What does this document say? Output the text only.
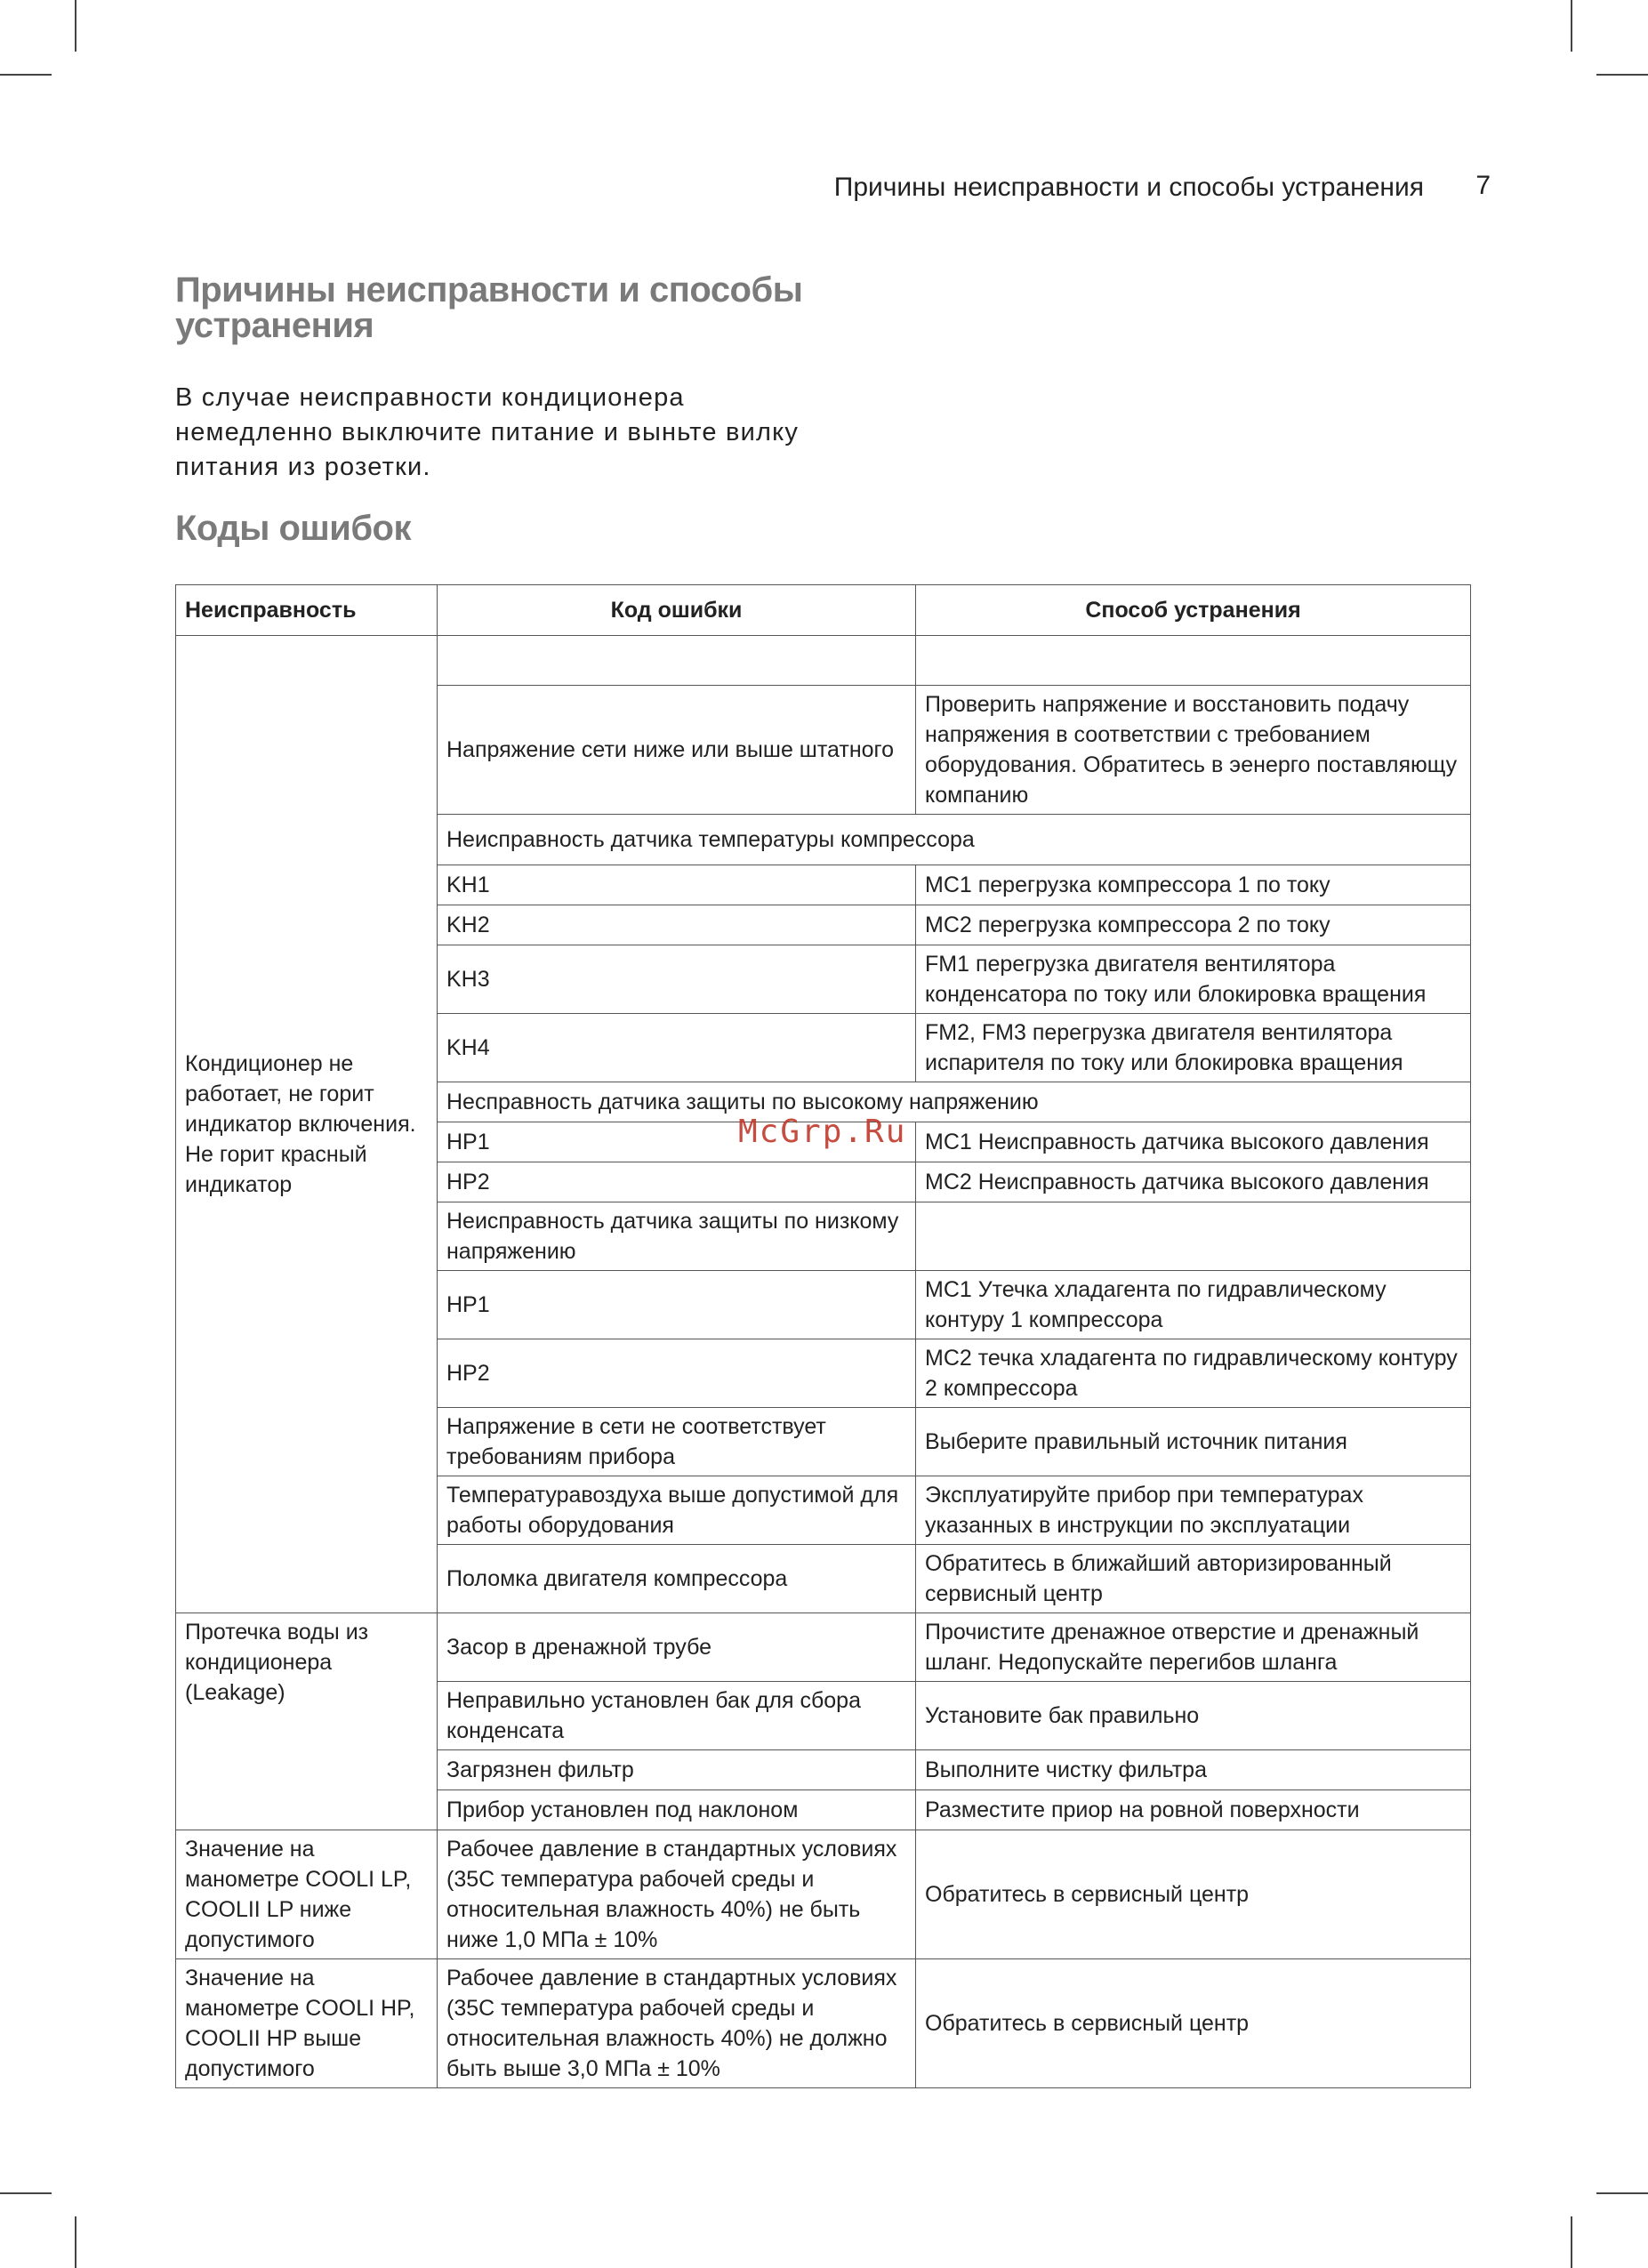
Причины неисправности и способы устранения 7
Причины неисправности и способы устранения

В случае неисправности кондиционера немедленно выключите питание и выньте вилку питания из розетки.

Коды ошибок
Неисправность	Код ошибки	Способ устранения
Кондиционер не работает, не горит индикатор включения. Не горит красный индикатор		
	Напряжение сети ниже или выше штатного	Проверить напряжение и восстановить подачу напряжения в соответствии с требованием оборудования. Обратитесь в эенерго поставляющу компанию
	Неисправность датчика температуры компрессора	
	KH1	MC1 перегрузка компрессора 1 по току
	KH2	MC2 перегрузка компрессора 2 по току
	KH3	FM1 перегрузка двигателя вентилятора конденсатора по току или блокировка вращения
	KH4	FM2, FM3 перегрузка двигателя вентилятора испарителя по току или блокировка вращения
	Несправность датчика защиты по высокому напряжению	
	HP1	MC1 Неисправность датчика высокого давления
	HP2	MC2 Неисправность датчика высокого давления
	Неисправность датчика защиты по низкому напряжению	
	HP1	MC1 Утечка хладагента по гидравлическому контуру 1 компрессора
	HP2	MC2 течка хладагента по гидравлическому контуру 2 компрессора
	Напряжение в сети не соответствует требованиям прибора	Выберите правильный источник питания
	Температуравоздуха выше допустимой для работы оборудования	Эксплуатируйте прибор при температурах указанных в инструкции по эксплуатации
	Поломка двигателя компрессора	Обратитесь в ближайший авторизированный сервисный центр
Протечка воды из кондиционера (Leakage)	Засор в дренажной трубе	Прочистите дренажное отверстие и дренажный шланг. Недопускайте перегибов шланга
	Неправильно установлен бак для сбора конденсата	Установите бак правильно
	Загрязнен фильтр	Выполните чистку фильтра
	Прибор установлен под наклоном	Разместите приор на ровной поверхности
Значение на манометре COOLI LP, COOLII LP ниже допустимого	Рабочее давление в стандартных условиях (35С температура рабочей среды и относительная влажность 40%) не быть ниже 1,0 МПа ± 10%	Обратитесь в сервисный центр
Значение на манометре COOLI HP, COOLII HP выше допустимого	Рабочее давление в стандартных условиях (35С температура рабочей среды и относительная влажность 40%) не должно быть выше 3,0 МПа ± 10%	Обратитесь в сервисный центр
McGrp.Ru
